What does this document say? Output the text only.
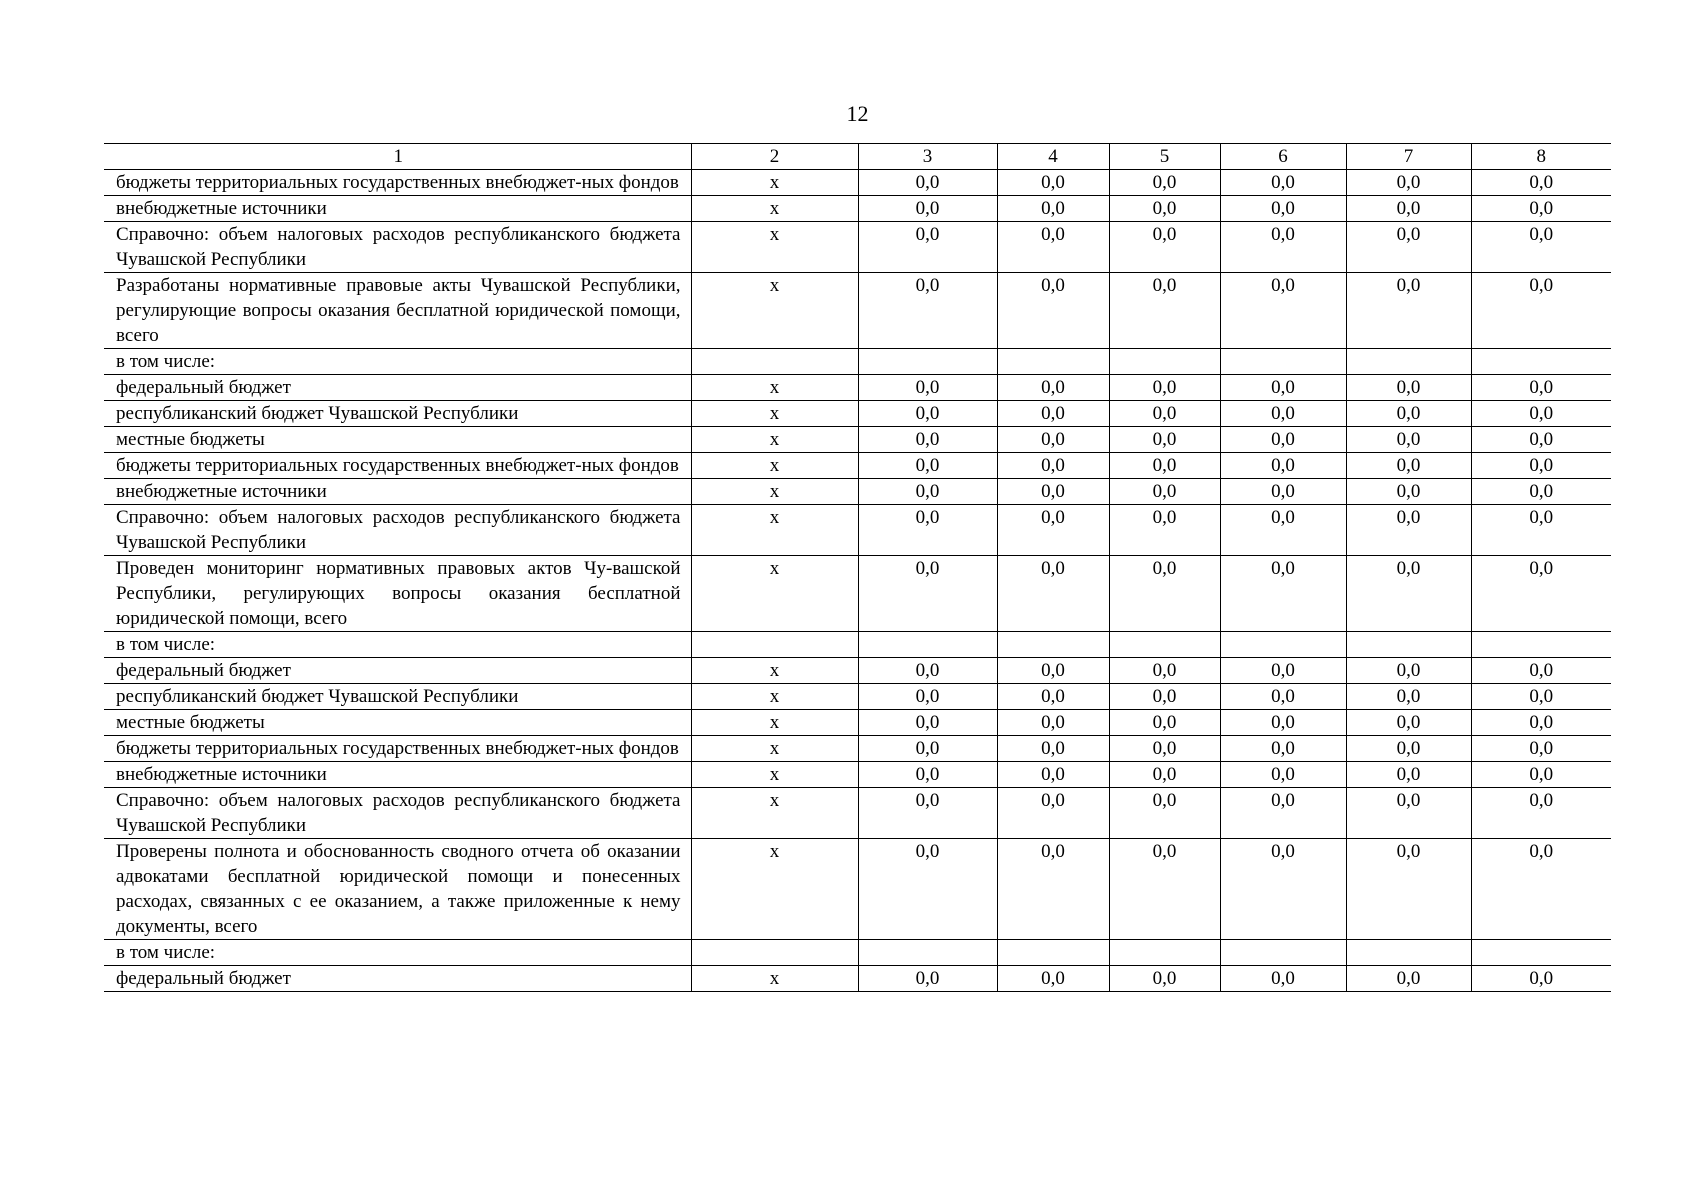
12
1	2	3	4	5	6	7	8
бюджеты территориальных государственных внебюджет-ных фондов	x	0,0	0,0	0,0	0,0	0,0	0,0
внебюджетные источники	x	0,0	0,0	0,0	0,0	0,0	0,0
Справочно: объем налоговых расходов республиканского бюджета Чувашской Республики	x	0,0	0,0	0,0	0,0	0,0	0,0
Разработаны нормативные правовые акты Чувашской Республики, регулирующие вопросы оказания бесплатной юридической помощи, всего	x	0,0	0,0	0,0	0,0	0,0	0,0
в том числе:							
федеральный бюджет	x	0,0	0,0	0,0	0,0	0,0	0,0
республиканский бюджет Чувашской Республики	x	0,0	0,0	0,0	0,0	0,0	0,0
местные бюджеты	x	0,0	0,0	0,0	0,0	0,0	0,0
бюджеты территориальных государственных внебюджет-ных фондов	x	0,0	0,0	0,0	0,0	0,0	0,0
внебюджетные источники	x	0,0	0,0	0,0	0,0	0,0	0,0
Справочно: объем налоговых расходов республиканского бюджета Чувашской Республики	x	0,0	0,0	0,0	0,0	0,0	0,0
Проведен мониторинг нормативных правовых актов Чу-вашской Республики, регулирующих вопросы оказания бесплатной юридической помощи, всего	x	0,0	0,0	0,0	0,0	0,0	0,0
в том числе:							
федеральный бюджет	x	0,0	0,0	0,0	0,0	0,0	0,0
республиканский бюджет Чувашской Республики	x	0,0	0,0	0,0	0,0	0,0	0,0
местные бюджеты	x	0,0	0,0	0,0	0,0	0,0	0,0
бюджеты территориальных государственных внебюджет-ных фондов	x	0,0	0,0	0,0	0,0	0,0	0,0
внебюджетные источники	x	0,0	0,0	0,0	0,0	0,0	0,0
Справочно: объем налоговых расходов республиканского бюджета Чувашской Республики	x	0,0	0,0	0,0	0,0	0,0	0,0
Проверены полнота и обоснованность сводного отчета об оказании адвокатами бесплатной юридической помощи и понесенных расходах, связанных с ее оказанием, а также приложенные к нему документы, всего	x	0,0	0,0	0,0	0,0	0,0	0,0
в том числе:							
федеральный бюджет	x	0,0	0,0	0,0	0,0	0,0	0,0
